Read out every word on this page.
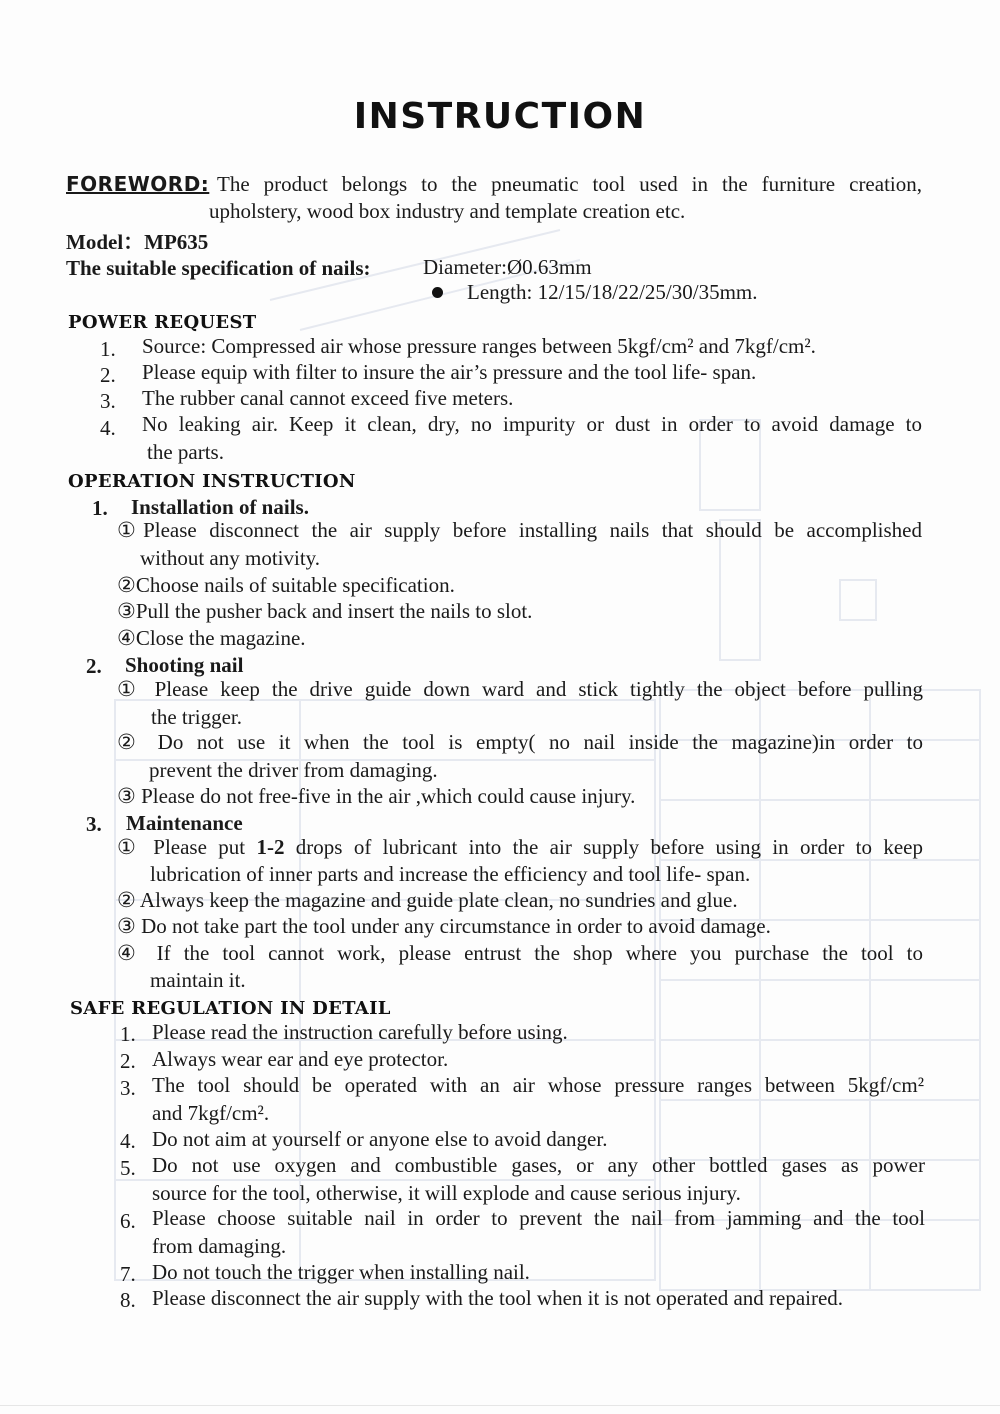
INSTRUCTION
FOREWORD: The product belongs to the pneumatic tool used in the furniture creation,
upholstery, wood box industry and template creation etc.
Model：MP635
The suitable specification of nails: Diameter:Ø0.63mm
Length: 12/15/18/22/25/30/35mm.
POWER REQUEST
1. Source: Compressed air whose pressure ranges between 5kgf/cm² and 7kgf/cm².
2. Please equip with filter to insure the air’s pressure and the tool life- span.
3. The rubber canal cannot exceed five meters.
4. No leaking air. Keep it clean, dry, no impurity or dust in order to avoid damage to
the parts.
OPERATION INSTRUCTION
1. Installation of nails.
①Please disconnect the air supply before installing nails that should be accomplished
without any motivity.
②Choose nails of suitable specification.
③Pull the pusher back and insert the nails to slot.
④Close the magazine.
2. Shooting nail
① Please keep the drive guide down ward and stick tightly the object before pulling
the trigger.
② Do not use it when the tool is empty( no nail inside the magazine)in order to
prevent the driver from damaging.
③ Please do not free-five in the air ,which could cause injury.
3. Maintenance
① Please put 1-2 drops of lubricant into the air supply before using in order to keep
lubrication of inner parts and increase the efficiency and tool life- span.
② Always keep the magazine and guide plate clean, no sundries and glue.
③ Do not take part the tool under any circumstance in order to avoid damage.
④ If the tool cannot work, please entrust the shop where you purchase the tool to
maintain it.
SAFE REGULATION IN DETAIL
1. Please read the instruction carefully before using.
2. Always wear ear and eye protector.
3. The tool should be operated with an air whose pressure ranges between 5kgf/cm²
and 7kgf/cm².
4. Do not aim at yourself or anyone else to avoid danger.
5. Do not use oxygen and combustible gases, or any other bottled gases as power
source for the tool, otherwise, it will explode and cause serious injury.
6. Please choose suitable nail in order to prevent the nail from jamming and the tool
from damaging.
7. Do not touch the trigger when installing nail.
8. Please disconnect the air supply with the tool when it is not operated and repaired.
